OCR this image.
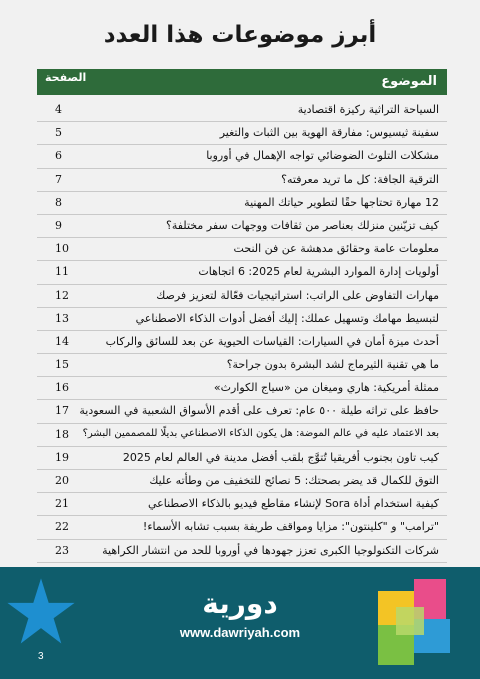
أبرز موضوعات هذا العدد
الموضوع
الصفحة
السياحة التراثية ركيزة اقتصادية
4
سفينة ثيسيوس: مفارقة الهوية بين الثبات والتغير
5
مشكلات التلوث الضوضائي تواجه الإهمال في أوروبا
6
الترقية الجافة: كل ما تريد معرفته؟
7
12 مهارة تحتاجها حقًا لتطوير حياتك المهنية
8
كيف تزيّنين منزلك بعناصر من ثقافات ووجهات سفر مختلفة؟
9
معلومات عامة وحقائق مدهشة عن فن النحت
10
أولويات إدارة الموارد البشرية لعام 2025: 6 اتجاهات
11
مهارات التفاوض على الراتب: استراتيجيات فعّالة لتعزيز فرصك
12
لتبسيط مهامك وتسهيل عملك: إليك أفضل أدوات الذكاء الاصطناعي
13
أحدث ميزة أمان في السيارات: القياسات الحيوية عن بعد للسائق والركاب
14
ما هي تقنية الثيرماج لشد البشرة بدون جراحة؟
15
ممثلة أمريكية: هاري وميغان من «سياج الكوارث»
16
حافظ على تراثه طيلة ٥٠٠ عام: تعرف على أقدم الأسواق الشعبية في السعودية
17
بعد الاعتماد عليه في عالم الموضة: هل يكون الذكاء الاصطناعي بديلًا للمصممين البشر؟
18
كيب تاون بجنوب أفريقيا تُتوَّج بلقب أفضل مدينة في العالم لعام 2025
19
التوق للكمال قد يضر بصحتك: 5 نصائح للتخفيف من وطأته عليك
20
كيفية استخدام أداة Sora لإنشاء مقاطع فيديو بالذكاء الاصطناعي
21
"ترامب" و "كلينتون": مزايا ومواقف طريفة بسبب تشابه الأسماء!
22
شركات التكنولوجيا الكبرى تعزز جهودها في أوروبا للحد من انتشار الكراهية
23
دورية
www.dawriyah.com
3
